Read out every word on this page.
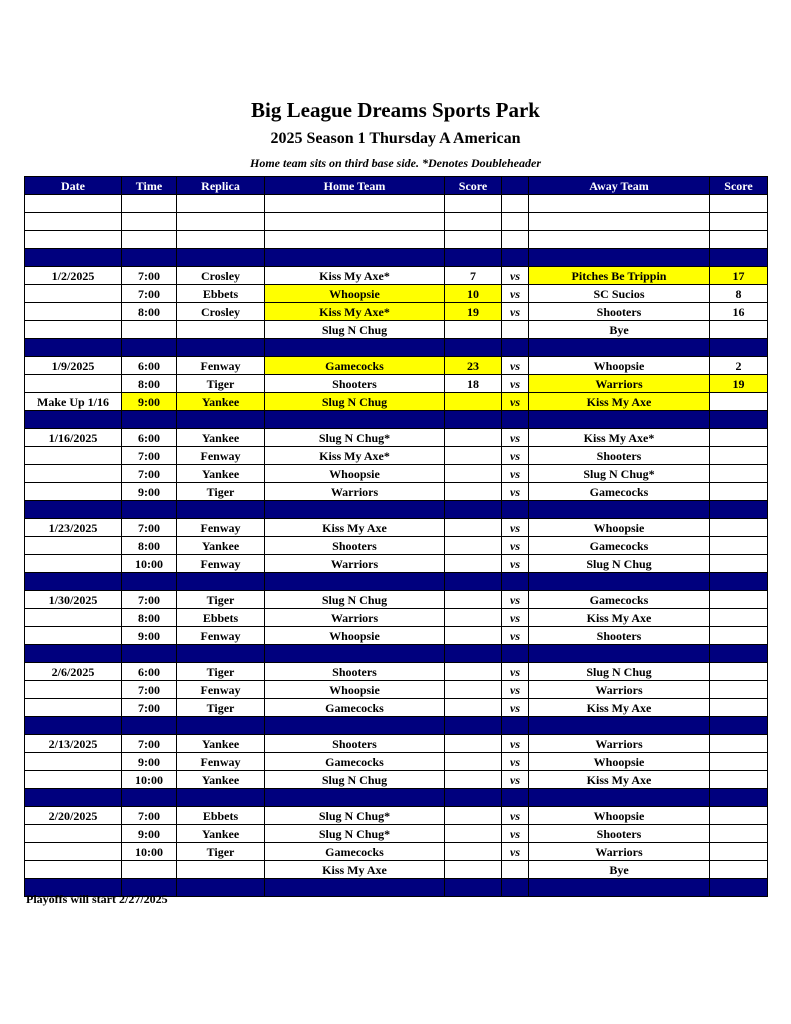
Big League Dreams Sports Park
2025 Season 1 Thursday A American
Home team sits on third base side. *Denotes Doubleheader
Date	Time	Replica	Home Team	Score		Away Team	Score

1/2/2025	7:00	Crosley	Kiss My Axe*	7	vs	Pitches Be Trippin	17
	7:00	Ebbets	Whoopsie	10	vs	SC Sucios	8
	8:00	Crosley	Kiss My Axe*	19	vs	Shooters	16
			Slug N Chug			Bye	

1/9/2025	6:00	Fenway	Gamecocks	23	vs	Whoopsie	2
	8:00	Tiger	Shooters	18	vs	Warriors	19
Make Up 1/16	9:00	Yankee	Slug N Chug		vs	Kiss My Axe	

1/16/2025	6:00	Yankee	Slug N Chug*		vs	Kiss My Axe*	
	7:00	Fenway	Kiss My Axe*		vs	Shooters	
	7:00	Yankee	Whoopsie		vs	Slug N Chug*	
	9:00	Tiger	Warriors		vs	Gamecocks	

1/23/2025	7:00	Fenway	Kiss My Axe		vs	Whoopsie	
	8:00	Yankee	Shooters		vs	Gamecocks	
	10:00	Fenway	Warriors		vs	Slug N Chug	

1/30/2025	7:00	Tiger	Slug N Chug		vs	Gamecocks	
	8:00	Ebbets	Warriors		vs	Kiss My Axe	
	9:00	Fenway	Whoopsie		vs	Shooters	

2/6/2025	6:00	Tiger	Shooters		vs	Slug N Chug	
	7:00	Fenway	Whoopsie		vs	Warriors	
	7:00	Tiger	Gamecocks		vs	Kiss My Axe	

2/13/2025	7:00	Yankee	Shooters		vs	Warriors	
	9:00	Fenway	Gamecocks		vs	Whoopsie	
	10:00	Yankee	Slug N Chug		vs	Kiss My Axe	

2/20/2025	7:00	Ebbets	Slug N Chug*		vs	Whoopsie	
	9:00	Yankee	Slug N Chug*		vs	Shooters	
	10:00	Tiger	Gamecocks		vs	Warriors	
			Kiss My Axe			Bye	

Playoffs will start 2/27/2025
